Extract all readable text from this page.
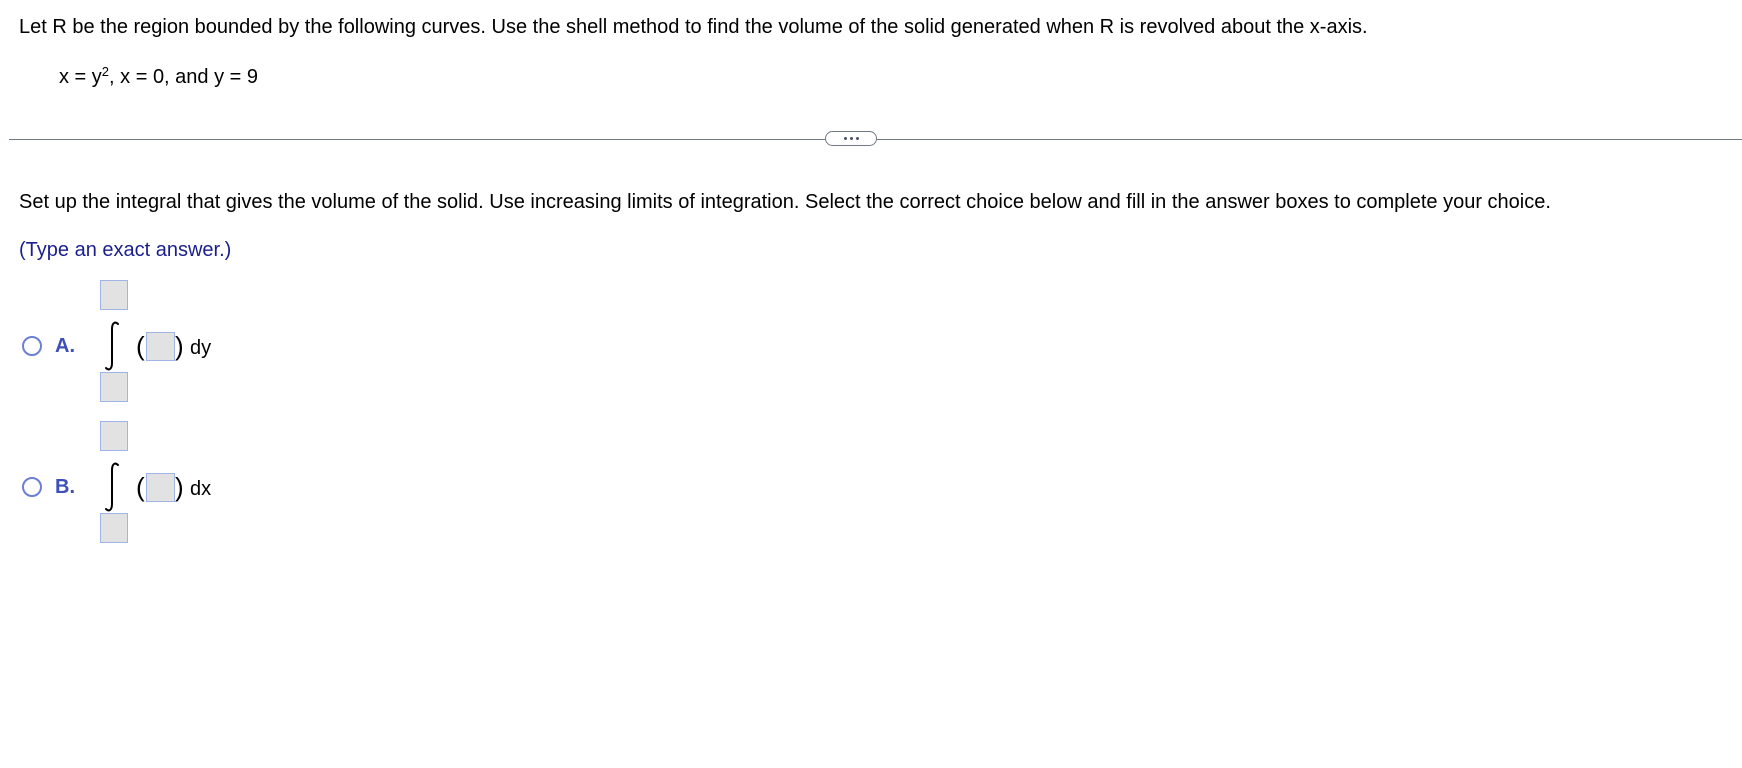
Let R be the region bounded by the following curves. Use the shell method to find the volume of the solid generated when R is revolved about the x-axis.
$x = y^2$, x = 0, and y = 9
Set up the integral that gives the volume of the solid. Use increasing limits of integration. Select the correct choice below and fill in the answer boxes to complete your choice.
(Type an exact answer.)
A. ( ) dy
B. ( ) dx
